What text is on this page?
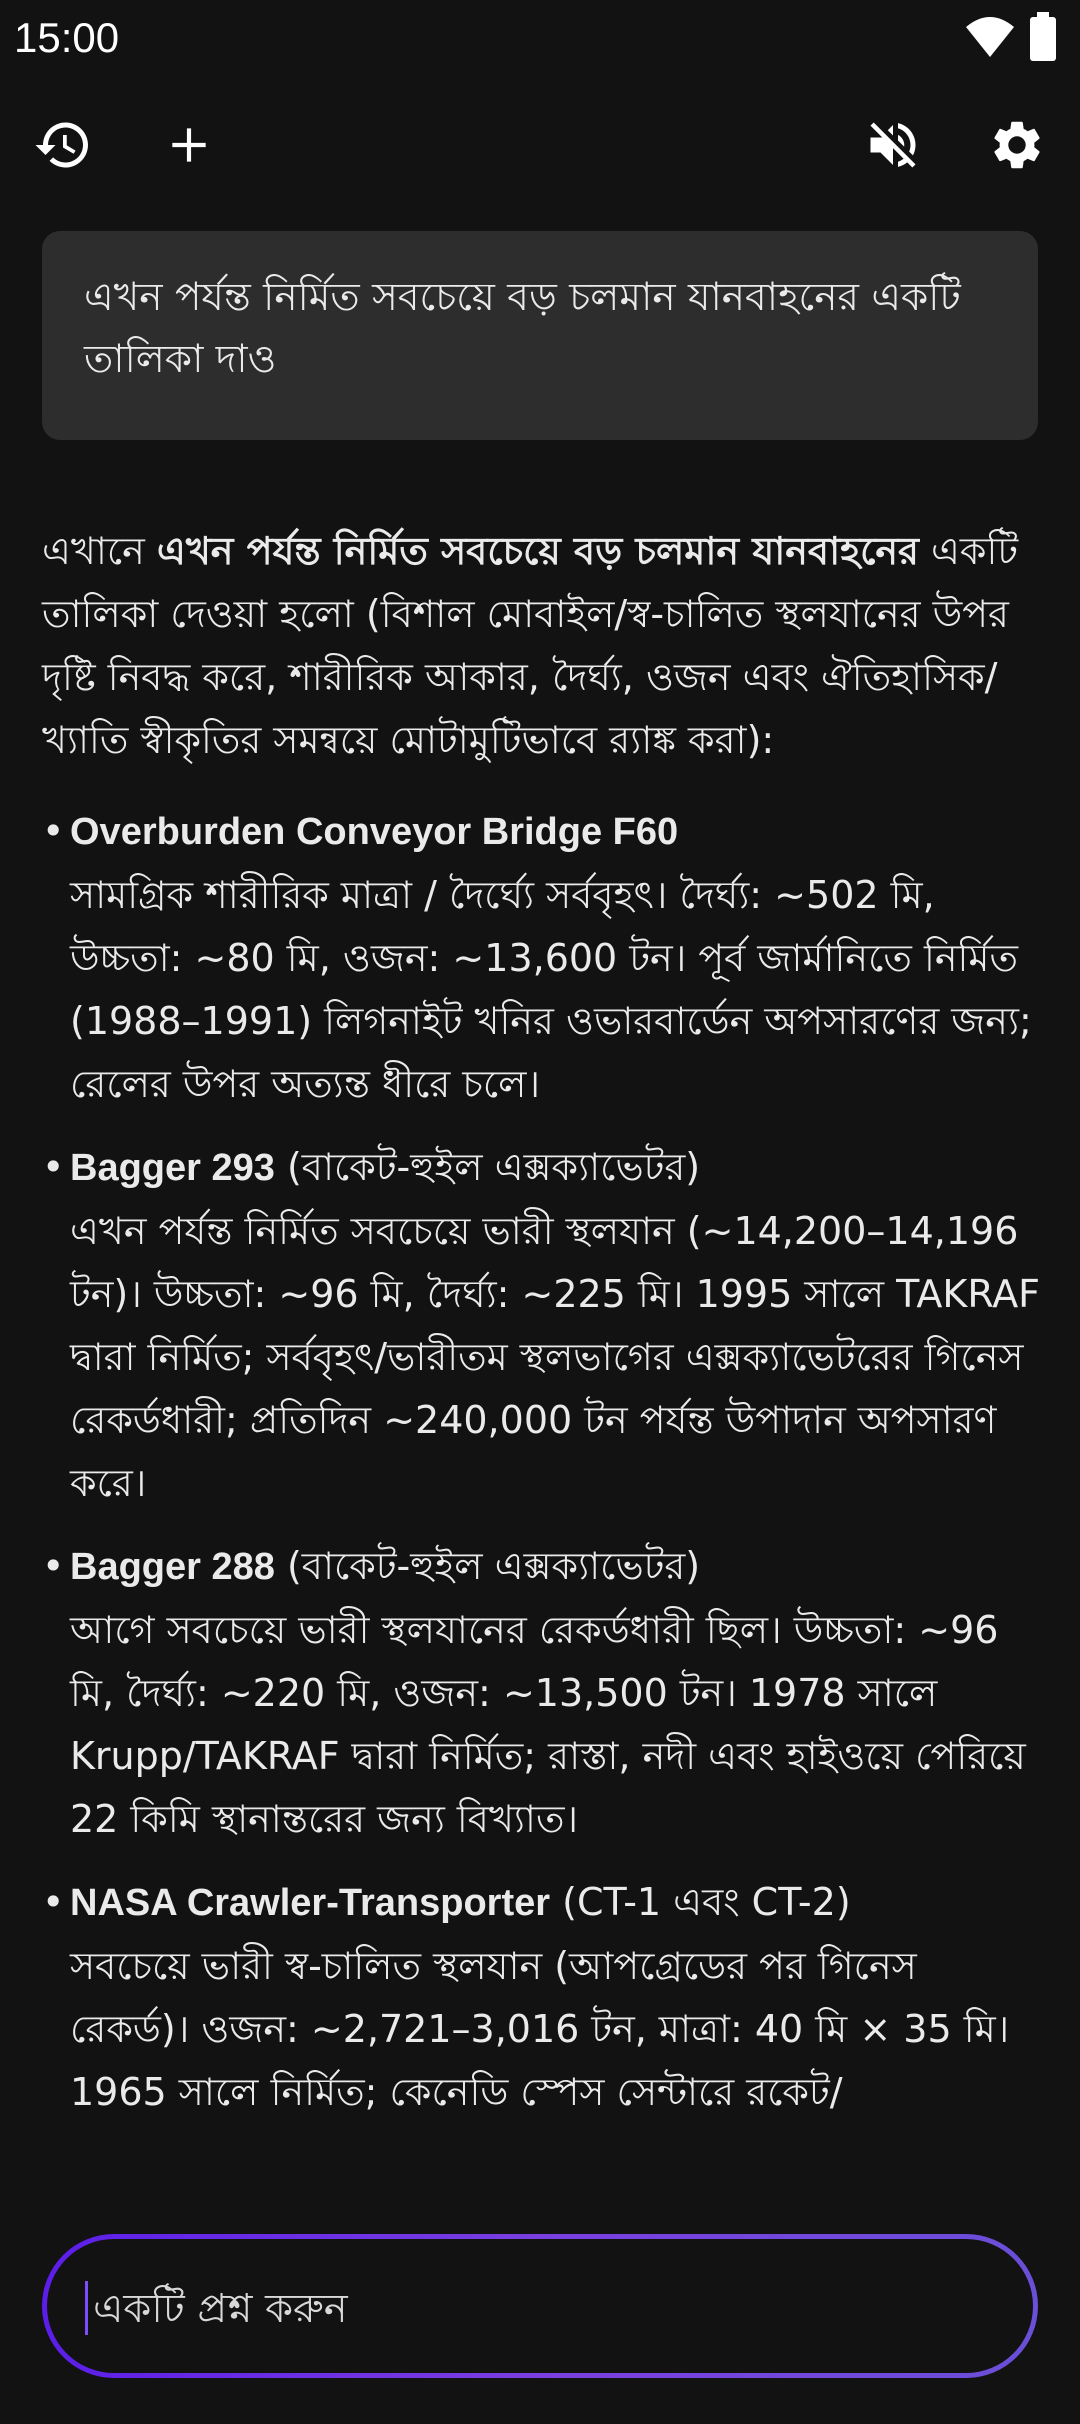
15:00
এখন পর্যন্ত নির্মিত সবচেয়ে বড় চলমান যানবাহনের একটি তালিকা দাও

এখানে এখন পর্যন্ত নির্মিত সবচেয়ে বড় চলমান যানবাহনের একটি তালিকা দেওয়া হলো (বিশাল মোবাইল/স্ব-চালিত স্থলযানের উপর দৃষ্টি নিবদ্ধ করে, শারীরিক আকার, দৈর্ঘ্য, ওজন এবং ঐতিহাসিক/খ্যাতি স্বীকৃতির সমন্বয়ে মোটামুটিভাবে র‍্যাঙ্ক করা):

• Overburden Conveyor Bridge F60
সামগ্রিক শারীরিক মাত্রা / দৈর্ঘ্যে সর্ববৃহৎ। দৈর্ঘ্য: ~502 মি, উচ্চতা: ~80 মি, ওজন: ~13,600 টন। পূর্ব জার্মানিতে নির্মিত (1988–1991) লিগনাইট খনির ওভারবার্ডেন অপসারণের জন্য; রেলের উপর অত্যন্ত ধীরে চলে।
• Bagger 293 (বাকেট-হুইল এক্সক্যাভেটর)
এখন পর্যন্ত নির্মিত সবচেয়ে ভারী স্থলযান (~14,200–14,196 টন)। উচ্চতা: ~96 মি, দৈর্ঘ্য: ~225 মি। 1995 সালে TAKRAF দ্বারা নির্মিত; সর্ববৃহৎ/ভারীতম স্থলভাগের এক্সক্যাভেটরের গিনেস রেকর্ডধারী; প্রতিদিন ~240,000 টন পর্যন্ত উপাদান অপসারণ করে।
• Bagger 288 (বাকেট-হুইল এক্সক্যাভেটর)
আগে সবচেয়ে ভারী স্থলযানের রেকর্ডধারী ছিল। উচ্চতা: ~96 মি, দৈর্ঘ্য: ~220 মি, ওজন: ~13,500 টন। 1978 সালে Krupp/TAKRAF দ্বারা নির্মিত; রাস্তা, নদী এবং হাইওয়ে পেরিয়ে 22 কিমি স্থানান্তরের জন্য বিখ্যাত।
• NASA Crawler-Transporter (CT-1 এবং CT-2)
সবচেয়ে ভারী স্ব-চালিত স্থলযান (আপগ্রেডের পর গিনেস রেকর্ড)। ওজন: ~2,721–3,016 টন, মাত্রা: 40 মি × 35 মি। 1965 সালে নির্মিত; কেনেডি স্পেস সেন্টারে রকেট/
একটি প্রশ্ন করুন
